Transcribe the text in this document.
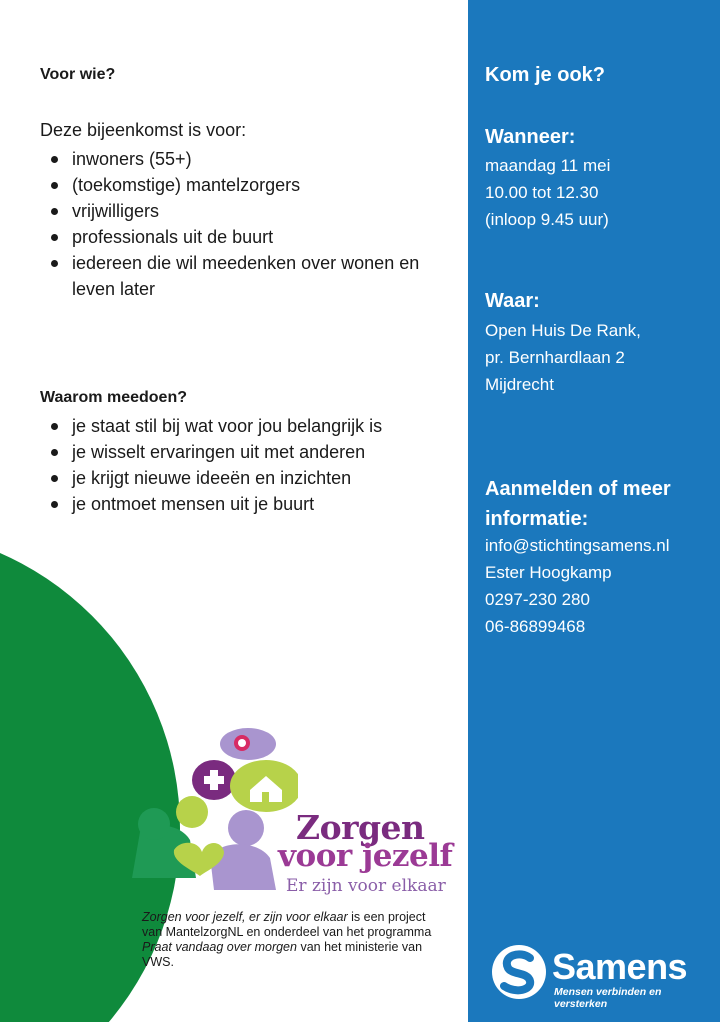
Voor wie?
Deze bijeenkomst is voor:
inwoners (55+)
(toekomstige) mantelzorgers
vrijwilligers
professionals uit de buurt
iedereen die wil meedenken over wonen en leven later
Waarom meedoen?
je staat stil bij wat voor jou belangrijk is
je wisselt ervaringen uit met anderen
je krijgt nieuwe ideeën en inzichten
je ontmoet mensen uit je buurt
Zorgen
voor jezelf
Er zijn voor elkaar
Zorgen voor jezelf, er zijn voor elkaar is een project van MantelzorgNL en onderdeel van het programma Praat vandaag over morgen van het ministerie van VWS.
Kom je ook?
Wanneer:
maandag 11 mei
10.00 tot 12.30
(inloop 9.45 uur)
Waar:
Open Huis De Rank,
pr. Bernhardlaan 2
Mijdrecht
Aanmelden of meer
informatie:
info@stichtingsamens.nl
Ester Hoogkamp
0297-230 280
06-86899468
Samens
Mensen verbinden en versterken
